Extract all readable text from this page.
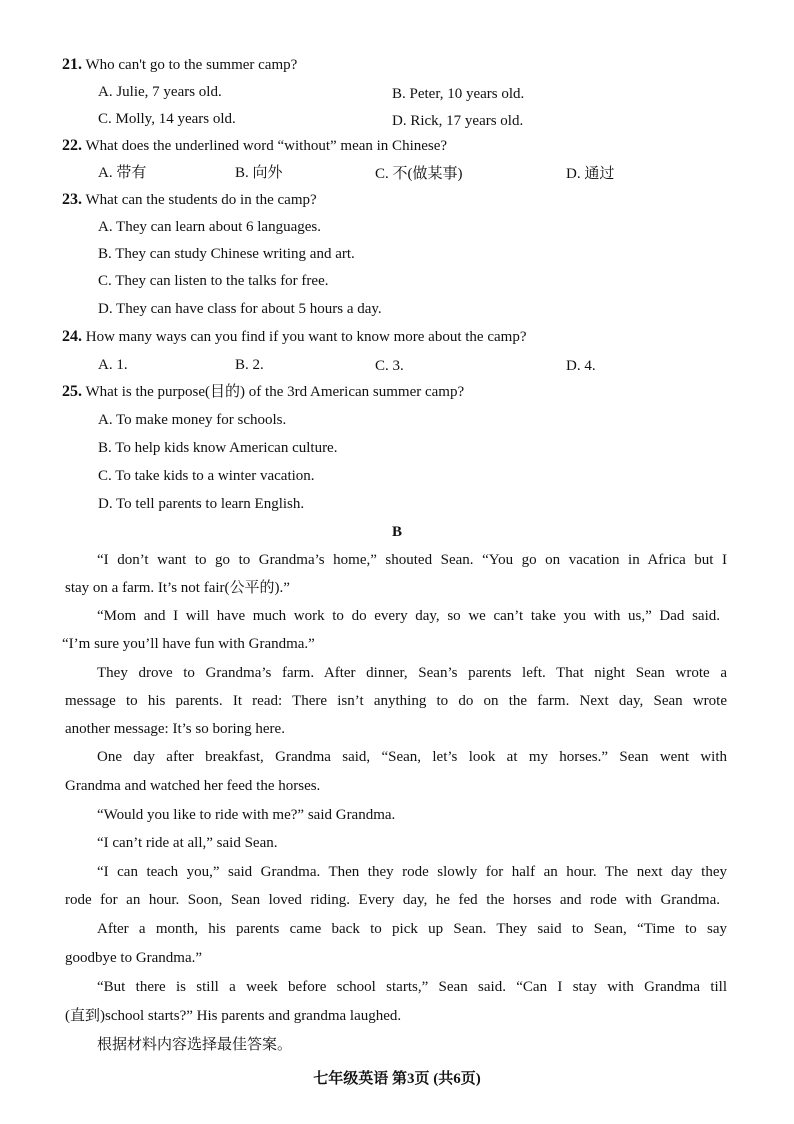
21. Who can't go to the summer camp?
A. Julie, 7 years old.	B. Peter, 10 years old.
C. Molly, 14 years old.	D. Rick, 17 years old.
22. What does the underlined word “without” mean in Chinese?
A. 带有	B. 向外	C. 不(做某事)	D. 通过
23. What can the students do in the camp?
A. They can learn about 6 languages.
B. They can study Chinese writing and art.
C. They can listen to the talks for free.
D. They can have class for about 5 hours a day.
24. How many ways can you find if you want to know more about the camp?
A. 1.	B. 2.	C. 3.	D. 4.
25. What is the purpose(目的) of the 3rd American summer camp?
A. To make money for schools.
B. To help kids know American culture.
C. To take kids to a winter vacation.
D. To tell parents to learn English.
B
“I don’t want to go to Grandma’s home,” shouted Sean. “You go on vacation in Africa but I
stay on a farm. It’s not fair(公平的).”
“Mom and I will have much work to do every day, so we can’t take you with us,” Dad said.
“I’m sure you’ll have fun with Grandma.”
They drove to Grandma’s farm. After dinner, Sean’s parents left. That night Sean wrote a
message to his parents. It read: There isn’t anything to do on the farm. Next day, Sean wrote
another message: It’s so boring here.
One day after breakfast, Grandma said, “Sean, let’s look at my horses.” Sean went with
Grandma and watched her feed the horses.
“Would you like to ride with me?” said Grandma.
“I can’t ride at all,” said Sean.
“I can teach you,” said Grandma. Then they rode slowly for half an hour. The next day they
rode for an hour. Soon, Sean loved riding. Every day, he fed the horses and rode with Grandma.
After a month, his parents came back to pick up Sean. They said to Sean, “Time to say
goodbye to Grandma.”
“But there is still a week before school starts,” Sean said. “Can I stay with Grandma till
(直到)school starts?” His parents and grandma laughed.
根据材料内容选择最佳答案。
七年级英语 第3页 (共6页)
